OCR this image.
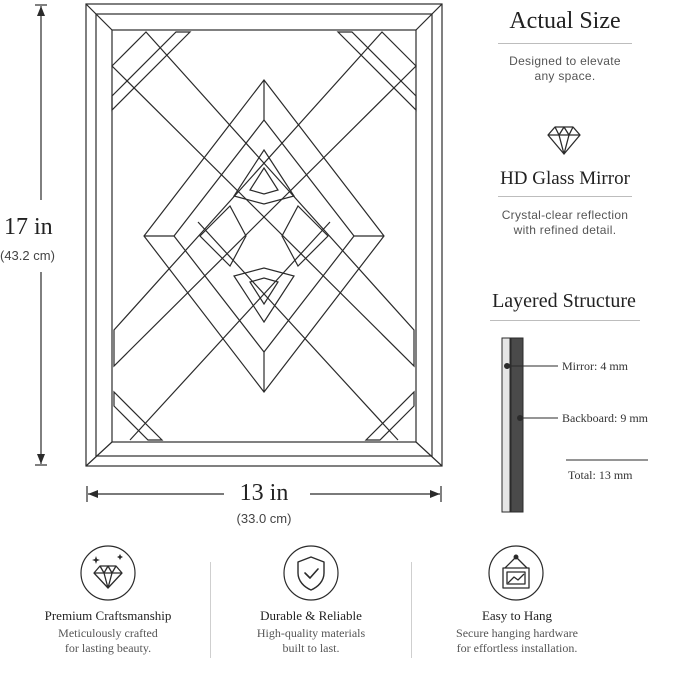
17 in
(43.2 cm)
13 in
(33.0 cm)
Actual Size
Designed to elevate
any space.
HD Glass Mirror
Crystal-clear reflection
with refined detail.
Layered Structure
Mirror: 4 mm
Backboard: 9 mm
Total: 13 mm
Premium Craftsmanship
Meticulously crafted
for lasting beauty.
Durable & Reliable
High-quality materials
built to last.
Easy to Hang
Secure hanging hardware
for effortless installation.
